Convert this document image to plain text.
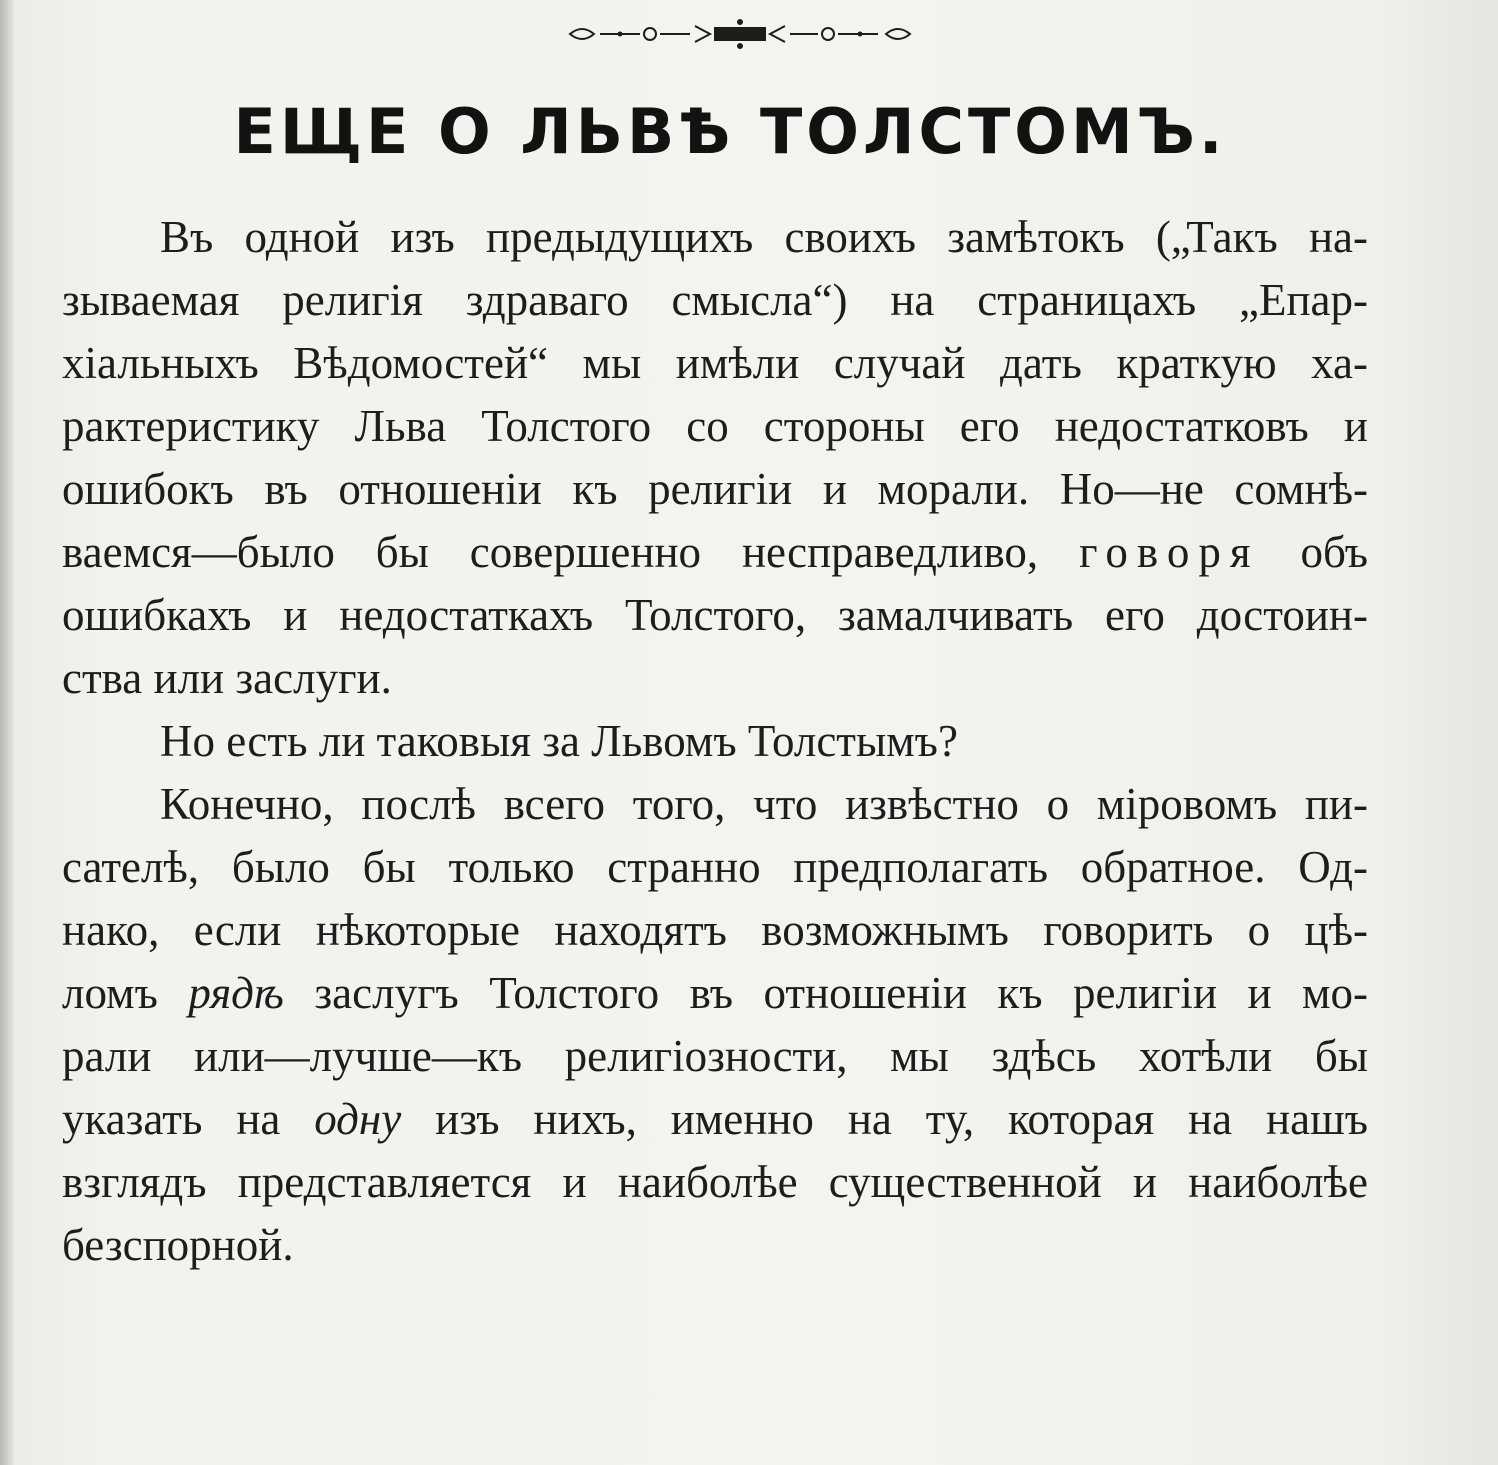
ЕЩЕ О ЛЬВѢ ТОЛСТОМЪ.
Въ одной изъ предыдущихъ своихъ замѣтокъ („Такъ на-
зываемая религія здраваго смысла“) на страницахъ „Епар-
хіальныхъ Вѣдомостей“ мы имѣли случай дать краткую ха-
рактеристику Льва Толстого со стороны его недостатковъ и
ошибокъ въ отношеніи къ религіи и морали. Но—не сомнѣ-
ваемся—было бы совершенно несправедливо, говоря объ
ошибкахъ и недостаткахъ Толстого, замалчивать его достоин-
ства или заслуги.
Но есть ли таковыя за Львомъ Толстымъ?
Конечно, послѣ всего того, что извѣстно о міровомъ пи-
сателѣ, было бы только странно предполагать обратное. Од-
нако, если нѣкоторые находятъ возможнымъ говорить о цѣ-
ломъ рядѣ заслугъ Толстого въ отношеніи къ религіи и мо-
рали или—лучше—къ религіозности, мы здѣсь хотѣли бы
указать на одну изъ нихъ, именно на ту, которая на нашъ
взглядъ представляется и наиболѣе существенной и наиболѣе
безспорной.
